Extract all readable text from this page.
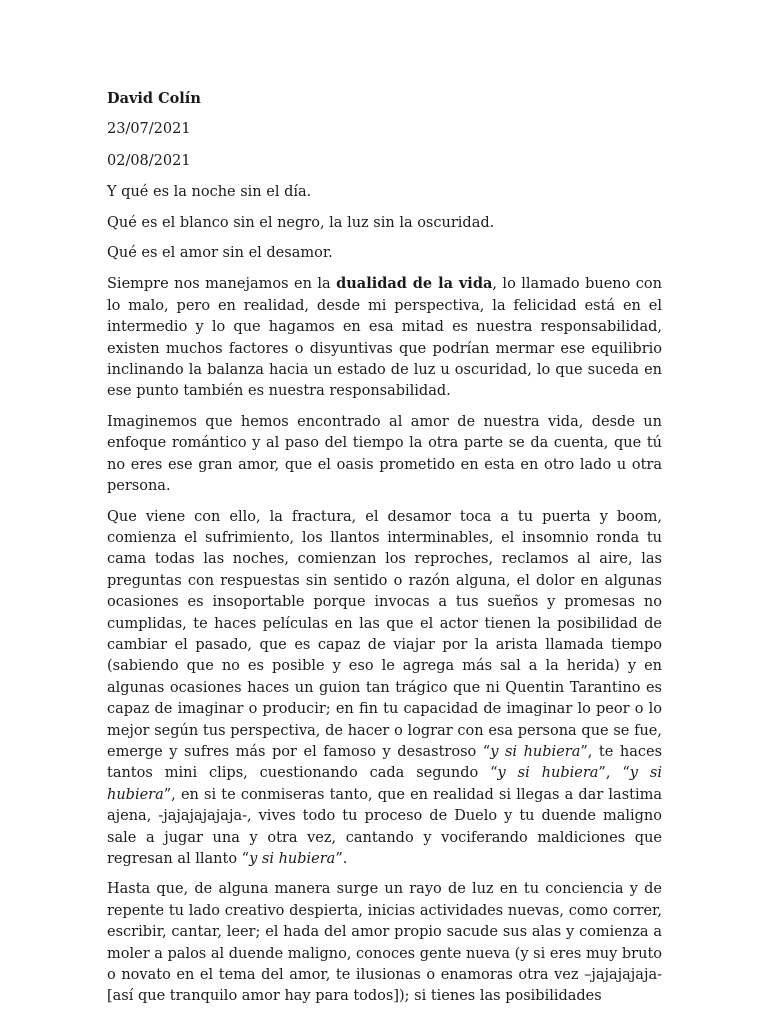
David Colín
23/07/2021
02/08/2021

Y qué es la noche sin el día.

Qué es el blanco sin el negro, la luz sin la oscuridad.

Qué es el amor sin el desamor.

Siempre nos manejamos en la dualidad de la vida, lo llamado bueno con lo malo, pero en realidad, desde mi perspectiva, la felicidad está en el intermedio y lo que hagamos en esa mitad es nuestra responsabilidad, existen muchos factores o disyuntivas que podrían mermar ese equilibrio inclinando la balanza hacia un estado de luz u oscuridad, lo que suceda en ese punto también es nuestra responsabilidad.

Imaginemos que hemos encontrado al amor de nuestra vida, desde un enfoque romántico y al paso del tiempo la otra parte se da cuenta, que tú no eres ese gran amor, que el oasis prometido en esta en otro lado u otra persona.

Que viene con ello, la fractura, el desamor toca a tu puerta y boom, comienza el sufrimiento, los llantos interminables, el insomnio ronda tu cama todas las noches, comienzan los reproches, reclamos al aire, las preguntas con respuestas sin sentido o razón alguna, el dolor en algunas ocasiones es insoportable porque invocas a tus sueños y promesas no cumplidas, te haces películas en las que el actor tienen la posibilidad de cambiar el pasado, que es capaz de viajar por la arista llamada tiempo (sabiendo que no es posible y eso le agrega más sal a la herida) y en algunas ocasiones haces un guion tan trágico que ni Quentin Tarantino es capaz de imaginar o producir; en fin tu capacidad de imaginar lo peor o lo mejor según tus perspectiva, de hacer o lograr con esa persona que se fue, emerge y sufres más por el famoso y desastroso “y si hubiera”, te haces tantos mini clips, cuestionando cada segundo “y si hubiera”, “y si hubiera”, en si te conmiseras tanto, que en realidad si llegas a dar lastima ajena, -jajajajajaja-, vives todo tu proceso de Duelo y tu duende maligno sale a jugar una y otra vez, cantando y vociferando maldiciones que regresan al llanto “y si hubiera”.

Hasta que, de alguna manera surge un rayo de luz en tu conciencia y de repente tu lado creativo despierta, inicias actividades nuevas, como correr, escribir, cantar, leer; el hada del amor propio sacude sus alas y comienza a moler a palos al duende maligno, conoces gente nueva (y si eres muy bruto o novato en el tema del amor, te ilusionas o enamoras otra vez –jajajajaja- [así que tranquilo amor hay para todos]); si tienes las posibilidades
